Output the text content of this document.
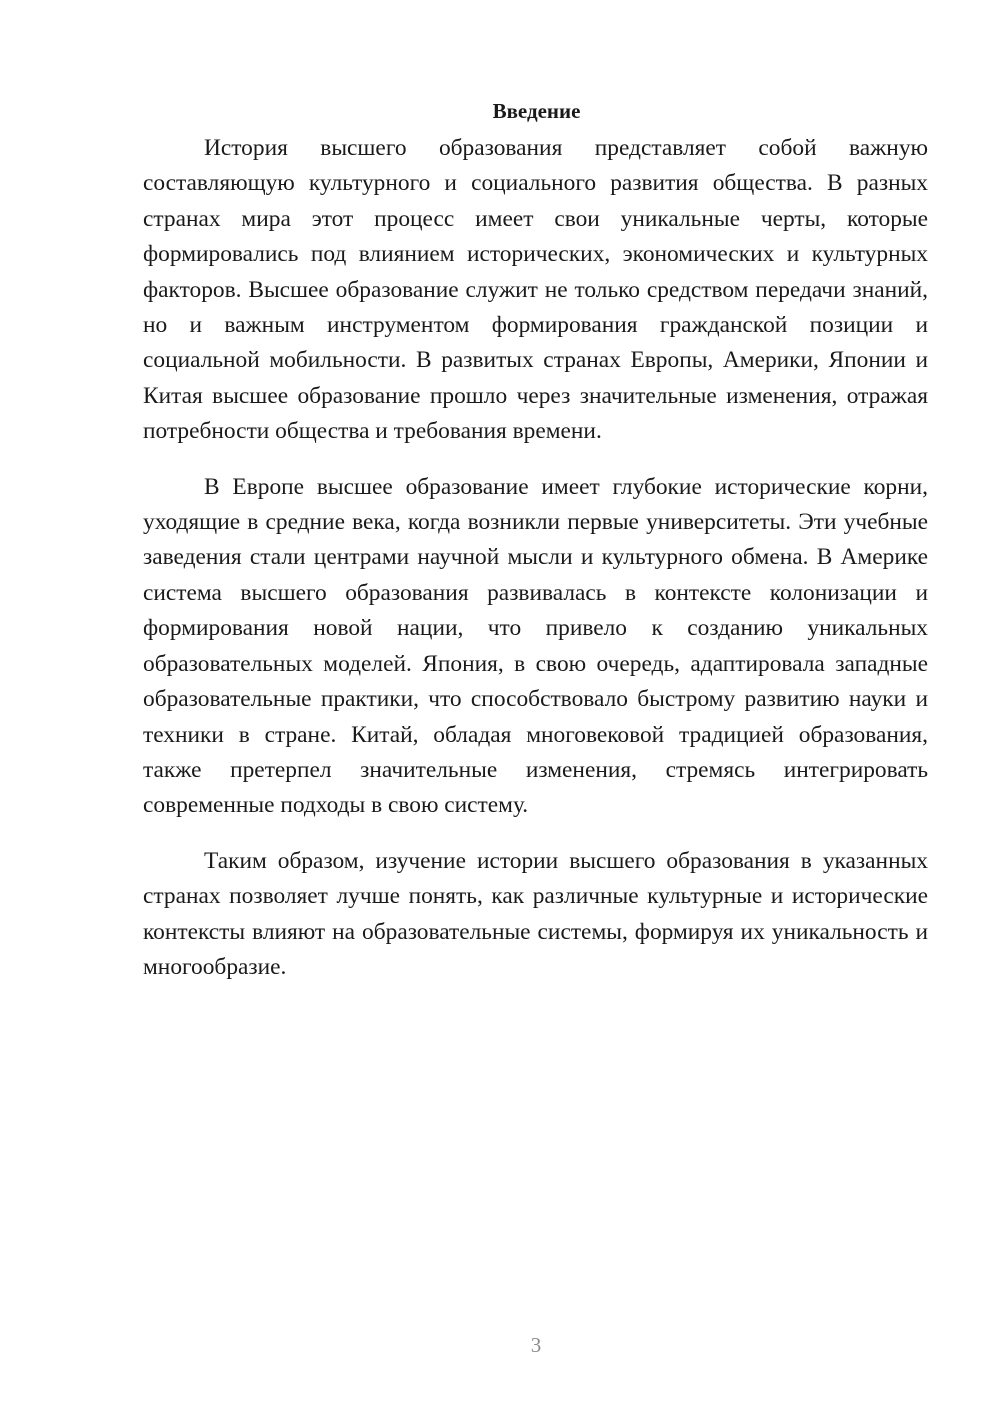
Введение

История высшего образования представляет собой важную составляющую культурного и социального развития общества. В разных странах мира этот процесс имеет свои уникальные черты, которые формировались под влиянием исторических, экономических и культурных факторов. Высшее образование служит не только средством передачи знаний, но и важным инструментом формирования гражданской позиции и социальной мобильности. В развитых странах Европы, Америки, Японии и Китая высшее образование прошло через значительные изменения, отражая потребности общества и требования времени.

В Европе высшее образование имеет глубокие исторические корни, уходящие в средние века, когда возникли первые университеты. Эти учебные заведения стали центрами научной мысли и культурного обмена. В Америке система высшего образования развивалась в контексте колонизации и формирования новой нации, что привело к созданию уникальных образовательных моделей. Япония, в свою очередь, адаптировала западные образовательные практики, что способствовало быстрому развитию науки и техники в стране. Китай, обладая многовековой традицией образования, также претерпел значительные изменения, стремясь интегрировать современные подходы в свою систему.

Таким образом, изучение истории высшего образования в указанных странах позволяет лучше понять, как различные культурные и исторические контексты влияют на образовательные системы, формируя их уникальность и многообразие.

3
